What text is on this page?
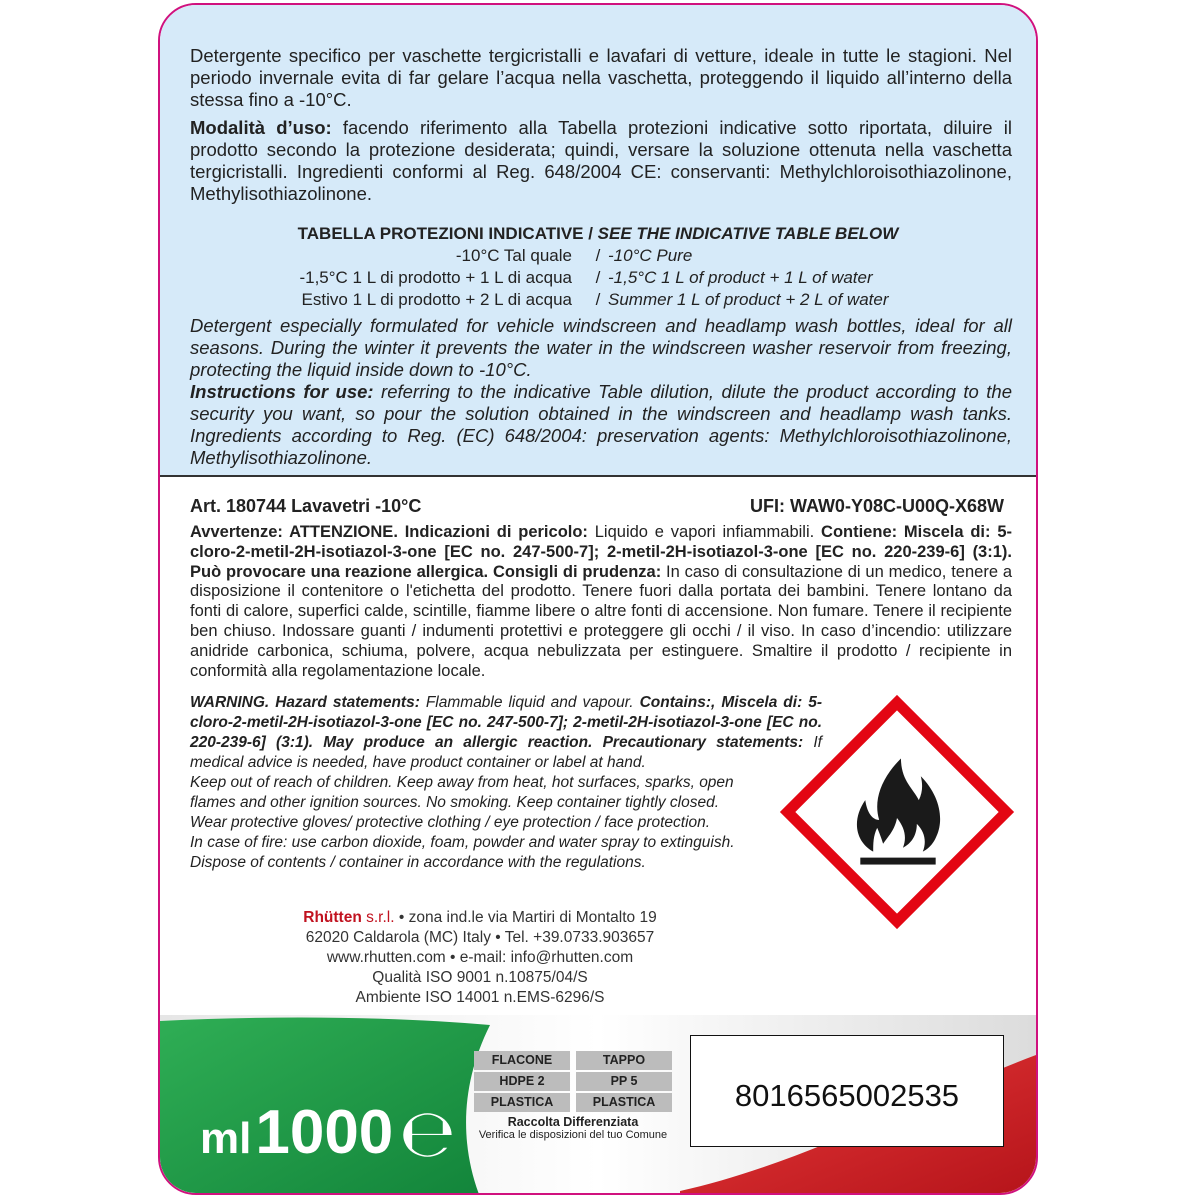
Detergente specifico per vaschette tergicristalli e lavafari di vetture, ideale in tutte le stagioni. Nel periodo invernale evita di far gelare l’acqua nella vaschetta, proteggendo il liquido all’interno della stessa fino a -10°C.

Modalità d’uso: facendo riferimento alla Tabella protezioni indicative sotto riportata, diluire il prodotto secondo la protezione desiderata; quindi, versare la soluzione ottenuta nella vaschetta tergicristalli. Ingredienti conformi al Reg. 648/2004 CE: conservanti: Methylchloroisothiazolinone, Methylisothiazolinone.

TABELLA PROTEZIONI INDICATIVE / SEE THE INDICATIVE TABLE BELOW
-10°C Tal quale	/ -10°C Pure
-1,5°C 1 L di prodotto + 1 L di acqua	/ -1,5°C 1 L of product + 1 L of water
Estivo 1 L di prodotto + 2 L di acqua	/ Summer 1 L of product + 2 L of water

Detergent especially formulated for vehicle windscreen and headlamp wash bottles, ideal for all seasons. During the winter it prevents the water in the windscreen washer reservoir from freezing, protecting the liquid inside down to -10°C.

Instructions for use: referring to the indicative Table dilution, dilute the product according to the security you want, so pour the solution obtained in the windscreen and headlamp wash tanks. Ingredients according to Reg. (EC) 648/2004: preservation agents: Methylchloroisothiazolinone, Methylisothiazolinone.

Art. 180744 Lavavetri -10°C	UFI: WAW0-Y08C-U00Q-X68W

Avvertenze: ATTENZIONE. Indicazioni di pericolo: Liquido e vapori infiammabili. Contiene: Miscela di: 5-cloro-2-metil-2H-isotiazol-3-one [EC no. 247-500-7]; 2-metil-2H-isotiazol-3-one [EC no. 220-239-6] (3:1). Può provocare una reazione allergica. Consigli di prudenza: In caso di consultazione di un medico, tenere a disposizione il contenitore o l'etichetta del prodotto. Tenere fuori dalla portata dei bambini. Tenere lontano da fonti di calore, superfici calde, scintille, fiamme libere o altre fonti di accensione. Non fumare. Tenere il recipiente ben chiuso. Indossare guanti / indumenti protettivi e proteggere gli occhi / il viso. In caso d’incendio: utilizzare anidride carbonica, schiuma, polvere, acqua nebulizzata per estinguere. Smaltire il prodotto / recipiente in conformità alla regolamentazione locale.

WARNING. Hazard statements: Flammable liquid and vapour. Contains:, Miscela di: 5-cloro-2-metil-2H-isotiazol-3-one [EC no. 247-500-7]; 2-metil-2H-isotiazol-3-one [EC no. 220-239-6] (3:1). May produce an allergic reaction. Precautionary statements: If medical advice is needed, have product container or label at hand.
Keep out of reach of children. Keep away from heat, hot surfaces, sparks, open
flames and other ignition sources. No smoking. Keep container tightly closed.
Wear protective gloves/ protective clothing / eye protection / face protection.
In case of fire: use carbon dioxide, foam, powder and water spray to extinguish.
Dispose of contents / container in accordance with the regulations.
Rhütten s.r.l. • zona ind.le via Martiri di Montalto 19
62020 Caldarola (MC) Italy • Tel. +39.0733.903657
www.rhutten.com • e-mail: info@rhutten.com
Qualità ISO 9001 n.10875/04/S
Ambiente ISO 14001 n.EMS-6296/S
ml 1000 ℮
FLACONE	TAPPO
HDPE 2	PP 5
PLASTICA	PLASTICA
Raccolta Differenziata
Verifica le disposizioni del tuo Comune
8016565002535
